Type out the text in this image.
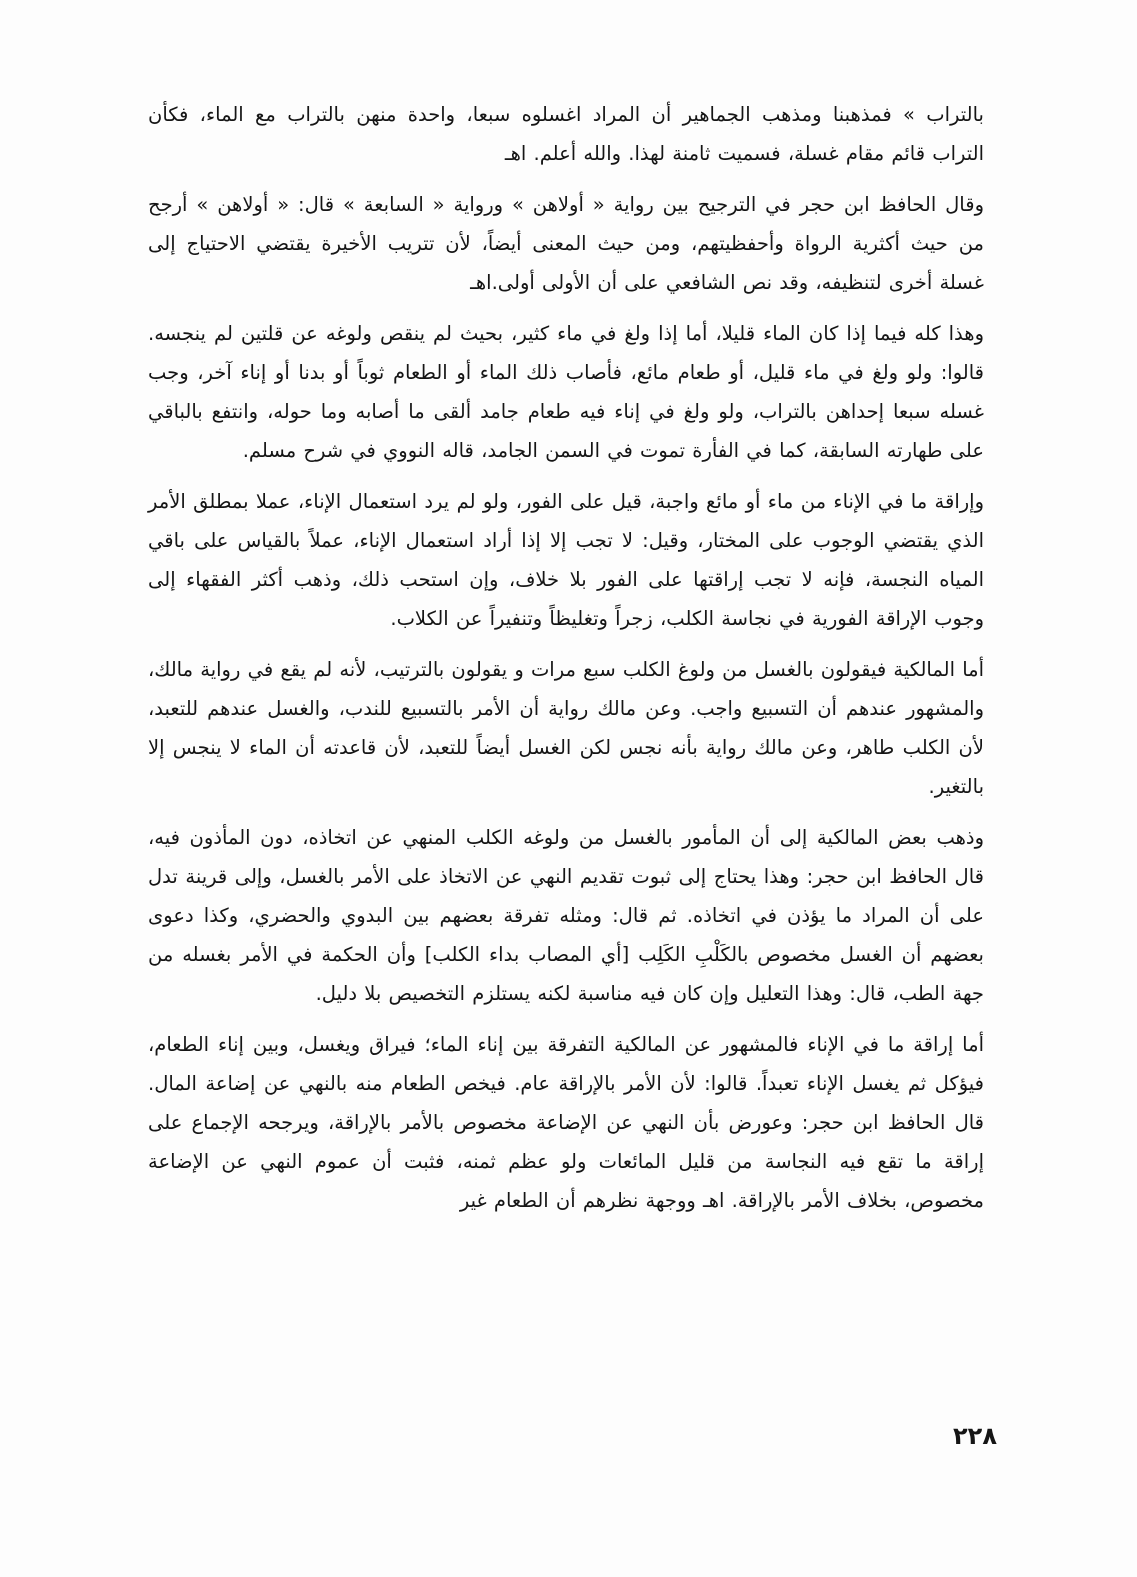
بالتراب » فمذهبنا ومذهب الجماهير أن المراد اغسلوه سبعا، واحدة منهن بالتراب مع الماء، فكأن التراب قائم مقام غسلة، فسميت ثامنة لهذا. والله أعلم. اهـ

وقال الحافظ ابن حجر في الترجيح بين رواية « أولاهن » ورواية « السابعة » قال: « أولاهن » أرجح من حيث أكثرية الرواة وأحفظيتهم، ومن حيث المعنى أيضاً، لأن تتريب الأخيرة يقتضي الاحتياج إلى غسلة أخرى لتنظيفه، وقد نص الشافعي على أن الأولى أولى.اهـ

وهذا كله فيما إذا كان الماء قليلا، أما إذا ولغ في ماء كثير، بحيث لم ينقص ولوغه عن قلتين لم ينجسه. قالوا: ولو ولغ في ماء قليل، أو طعام مائع، فأصاب ذلك الماء أو الطعام ثوباً أو بدنا أو إناء آخر، وجب غسله سبعا إحداهن بالتراب، ولو ولغ في إناء فيه طعام جامد ألقى ما أصابه وما حوله، وانتفع بالباقي على طهارته السابقة، كما في الفأرة تموت في السمن الجامد، قاله النووي في شرح مسلم.

وإراقة ما في الإناء من ماء أو مائع واجبة، قيل على الفور، ولو لم يرد استعمال الإناء، عملا بمطلق الأمر الذي يقتضي الوجوب على المختار، وقيل: لا تجب إلا إذا أراد استعمال الإناء، عملاً بالقياس على باقي المياه النجسة، فإنه لا تجب إراقتها على الفور بلا خلاف، وإن استحب ذلك، وذهب أكثر الفقهاء إلى وجوب الإراقة الفورية في نجاسة الكلب، زجراً وتغليظاً وتنفيراً عن الكلاب.

أما المالكية فيقولون بالغسل من ولوغ الكلب سبع مرات و يقولون بالترتيب، لأنه لم يقع في رواية مالك، والمشهور عندهم أن التسبيع واجب. وعن مالك رواية أن الأمر بالتسبيع للندب، والغسل عندهم للتعبد، لأن الكلب طاهر، وعن مالك رواية بأنه نجس لكن الغسل أيضاً للتعبد، لأن قاعدته أن الماء لا ينجس إلا بالتغير.

وذهب بعض المالكية إلى أن المأمور بالغسل من ولوغه الكلب المنهي عن اتخاذه، دون المأذون فيه، قال الحافظ ابن حجر: وهذا يحتاج إلى ثبوت تقديم النهي عن الاتخاذ على الأمر بالغسل، وإلى قرينة تدل على أن المراد ما يؤذن في اتخاذه. ثم قال: ومثله تفرقة بعضهم بين البدوي والحضري، وكذا دعوى بعضهم أن الغسل مخصوص بالكَلْبِ الكَلِب [أي المصاب بداء الكلب] وأن الحكمة في الأمر بغسله من جهة الطب، قال: وهذا التعليل وإن كان فيه مناسبة لكنه يستلزم التخصيص بلا دليل.

أما إراقة ما في الإناء فالمشهور عن المالكية التفرقة بين إناء الماء؛ فيراق ويغسل، وبين إناء الطعام، فيؤكل ثم يغسل الإناء تعبداً. قالوا: لأن الأمر بالإراقة عام. فيخص الطعام منه بالنهي عن إضاعة المال. قال الحافظ ابن حجر: وعورض بأن النهي عن الإضاعة مخصوص بالأمر بالإراقة، ويرجحه الإجماع على إراقة ما تقع فيه النجاسة من قليل المائعات ولو عظم ثمنه، فثبت أن عموم النهي عن الإضاعة مخصوص، بخلاف الأمر بالإراقة. اهـ ووجهة نظرهم أن الطعام غير

٢٢٨
